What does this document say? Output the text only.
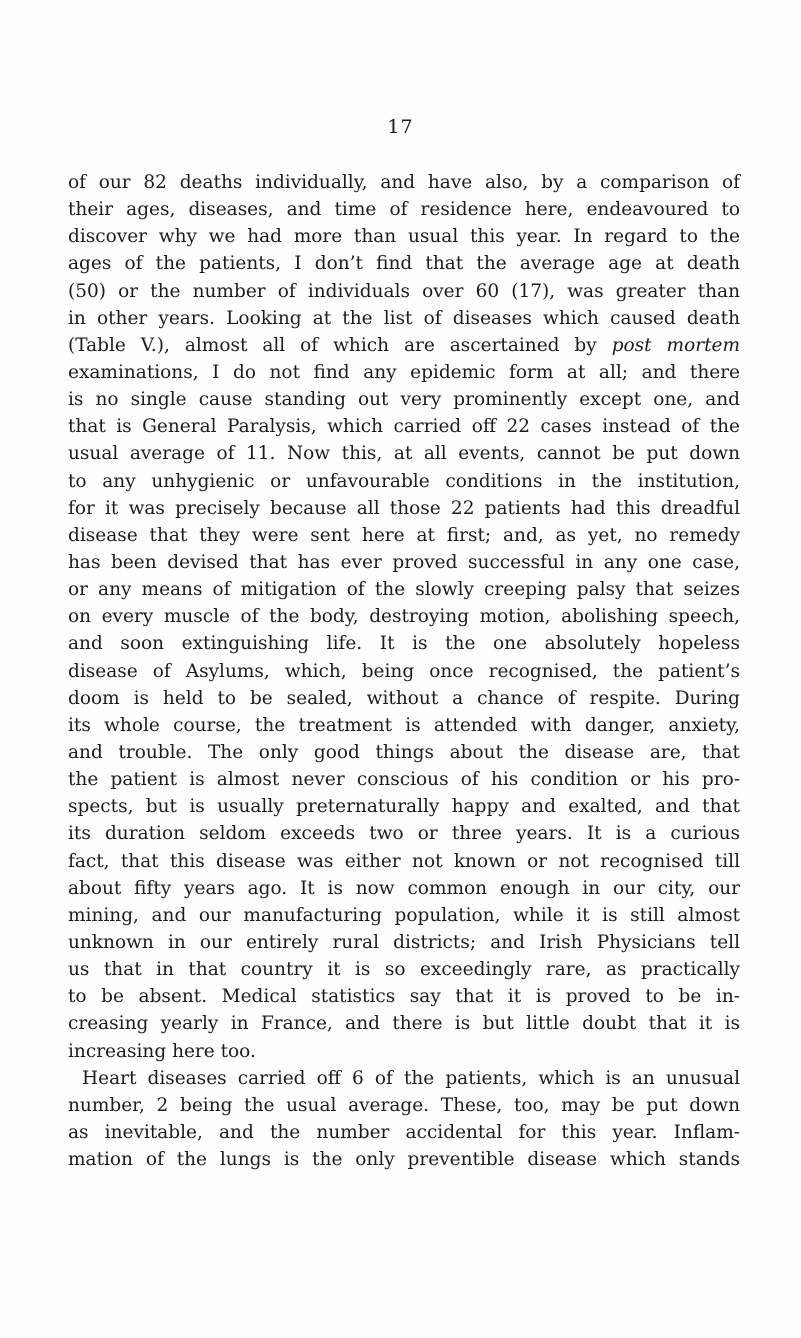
17
of our 82 deaths individually, and have also, by a comparison of
their ages, diseases, and time of residence here, endeavoured to
discover why we had more than usual this year. In regard to the
ages of the patients, I don’t find that the average age at death
(50) or the number of individuals over 60 (17), was greater than
in other years. Looking at the list of diseases which caused death
(Table V.), almost all of which are ascertained by post mortem
examinations, I do not find any epidemic form at all; and there
is no single cause standing out very prominently except one, and
that is General Paralysis, which carried off 22 cases instead of the
usual average of 11. Now this, at all events, cannot be put down
to any unhygienic or unfavourable conditions in the institution,
for it was precisely because all those 22 patients had this dreadful
disease that they were sent here at first; and, as yet, no remedy
has been devised that has ever proved successful in any one case,
or any means of mitigation of the slowly creeping palsy that seizes
on every muscle of the body, destroying motion, abolishing speech,
and soon extinguishing life. It is the one absolutely hopeless
disease of Asylums, which, being once recognised, the patient’s
doom is held to be sealed, without a chance of respite. During
its whole course, the treatment is attended with danger, anxiety,
and trouble. The only good things about the disease are, that
the patient is almost never conscious of his condition or his pro-
spects, but is usually preternaturally happy and exalted, and that
its duration seldom exceeds two or three years. It is a curious
fact, that this disease was either not known or not recognised till
about fifty years ago. It is now common enough in our city, our
mining, and our manufacturing population, while it is still almost
unknown in our entirely rural districts; and Irish Physicians tell
us that in that country it is so exceedingly rare, as practically
to be absent. Medical statistics say that it is proved to be in-
creasing yearly in France, and there is but little doubt that it is
increasing here too.
Heart diseases carried off 6 of the patients, which is an unusual
number, 2 being the usual average. These, too, may be put down
as inevitable, and the number accidental for this year. Inflam-
mation of the lungs is the only preventible disease which stands
